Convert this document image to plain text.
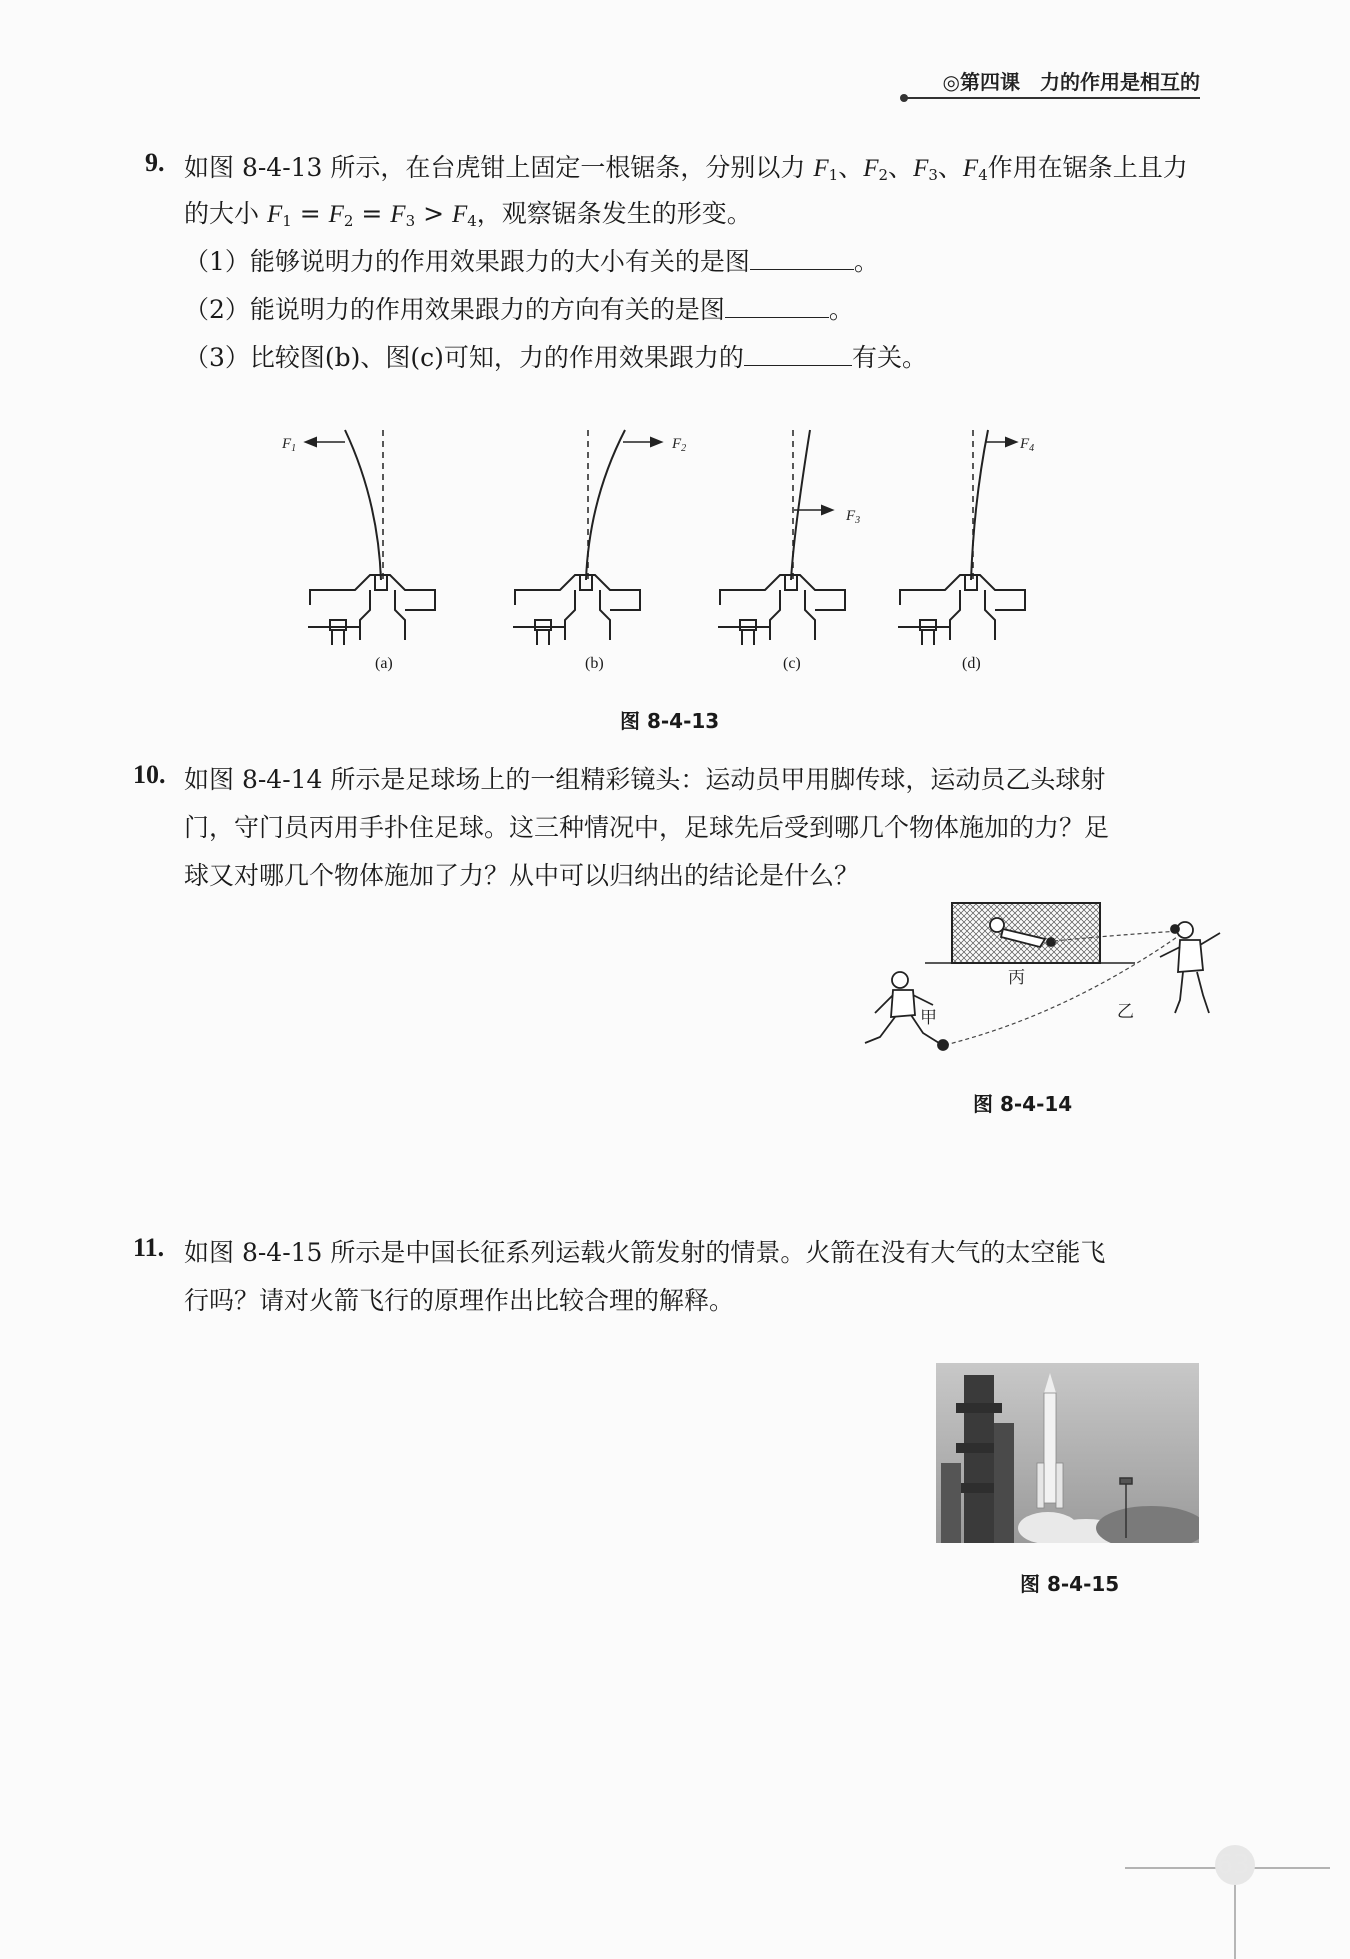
◎第四课　力的作用是相互的
9. 如图 8-4-13 所示，在台虎钳上固定一根锯条，分别以力 $F_1$、$F_2$、$F_3$、$F_4$作用在锯条上且力
的大小 $F_1 = F_2 = F_3 > F_4$，观察锯条发生的形变。
（1）能够说明力的作用效果跟力的大小有关的是图	。
（2）能说明力的作用效果跟力的方向有关的是图	。
（3）比较图(b)、图(c)可知，力的作用效果跟力的	有关。
$F_1$	$F_2$
$F_3$
$F_4$
(a)	(b)	(c)	(d)
图 8-4-13
10. 如图 8-4-14 所示是足球场上的一组精彩镜头：运动员甲用脚传球，运动员乙头球射
门，守门员丙用手扑住足球。这三种情况中，足球先后受到哪几个物体施加的力？足
球又对哪几个物体施加了力？从中可以归纳出的结论是什么？
丙
甲	乙
图 8-4-14
11. 如图 8-4-15 所示是中国长征系列运载火箭发射的情景。火箭在没有大气的太空能飞
行吗？请对火箭飞行的原理作出比较合理的解释。
图 8-4-15
63
